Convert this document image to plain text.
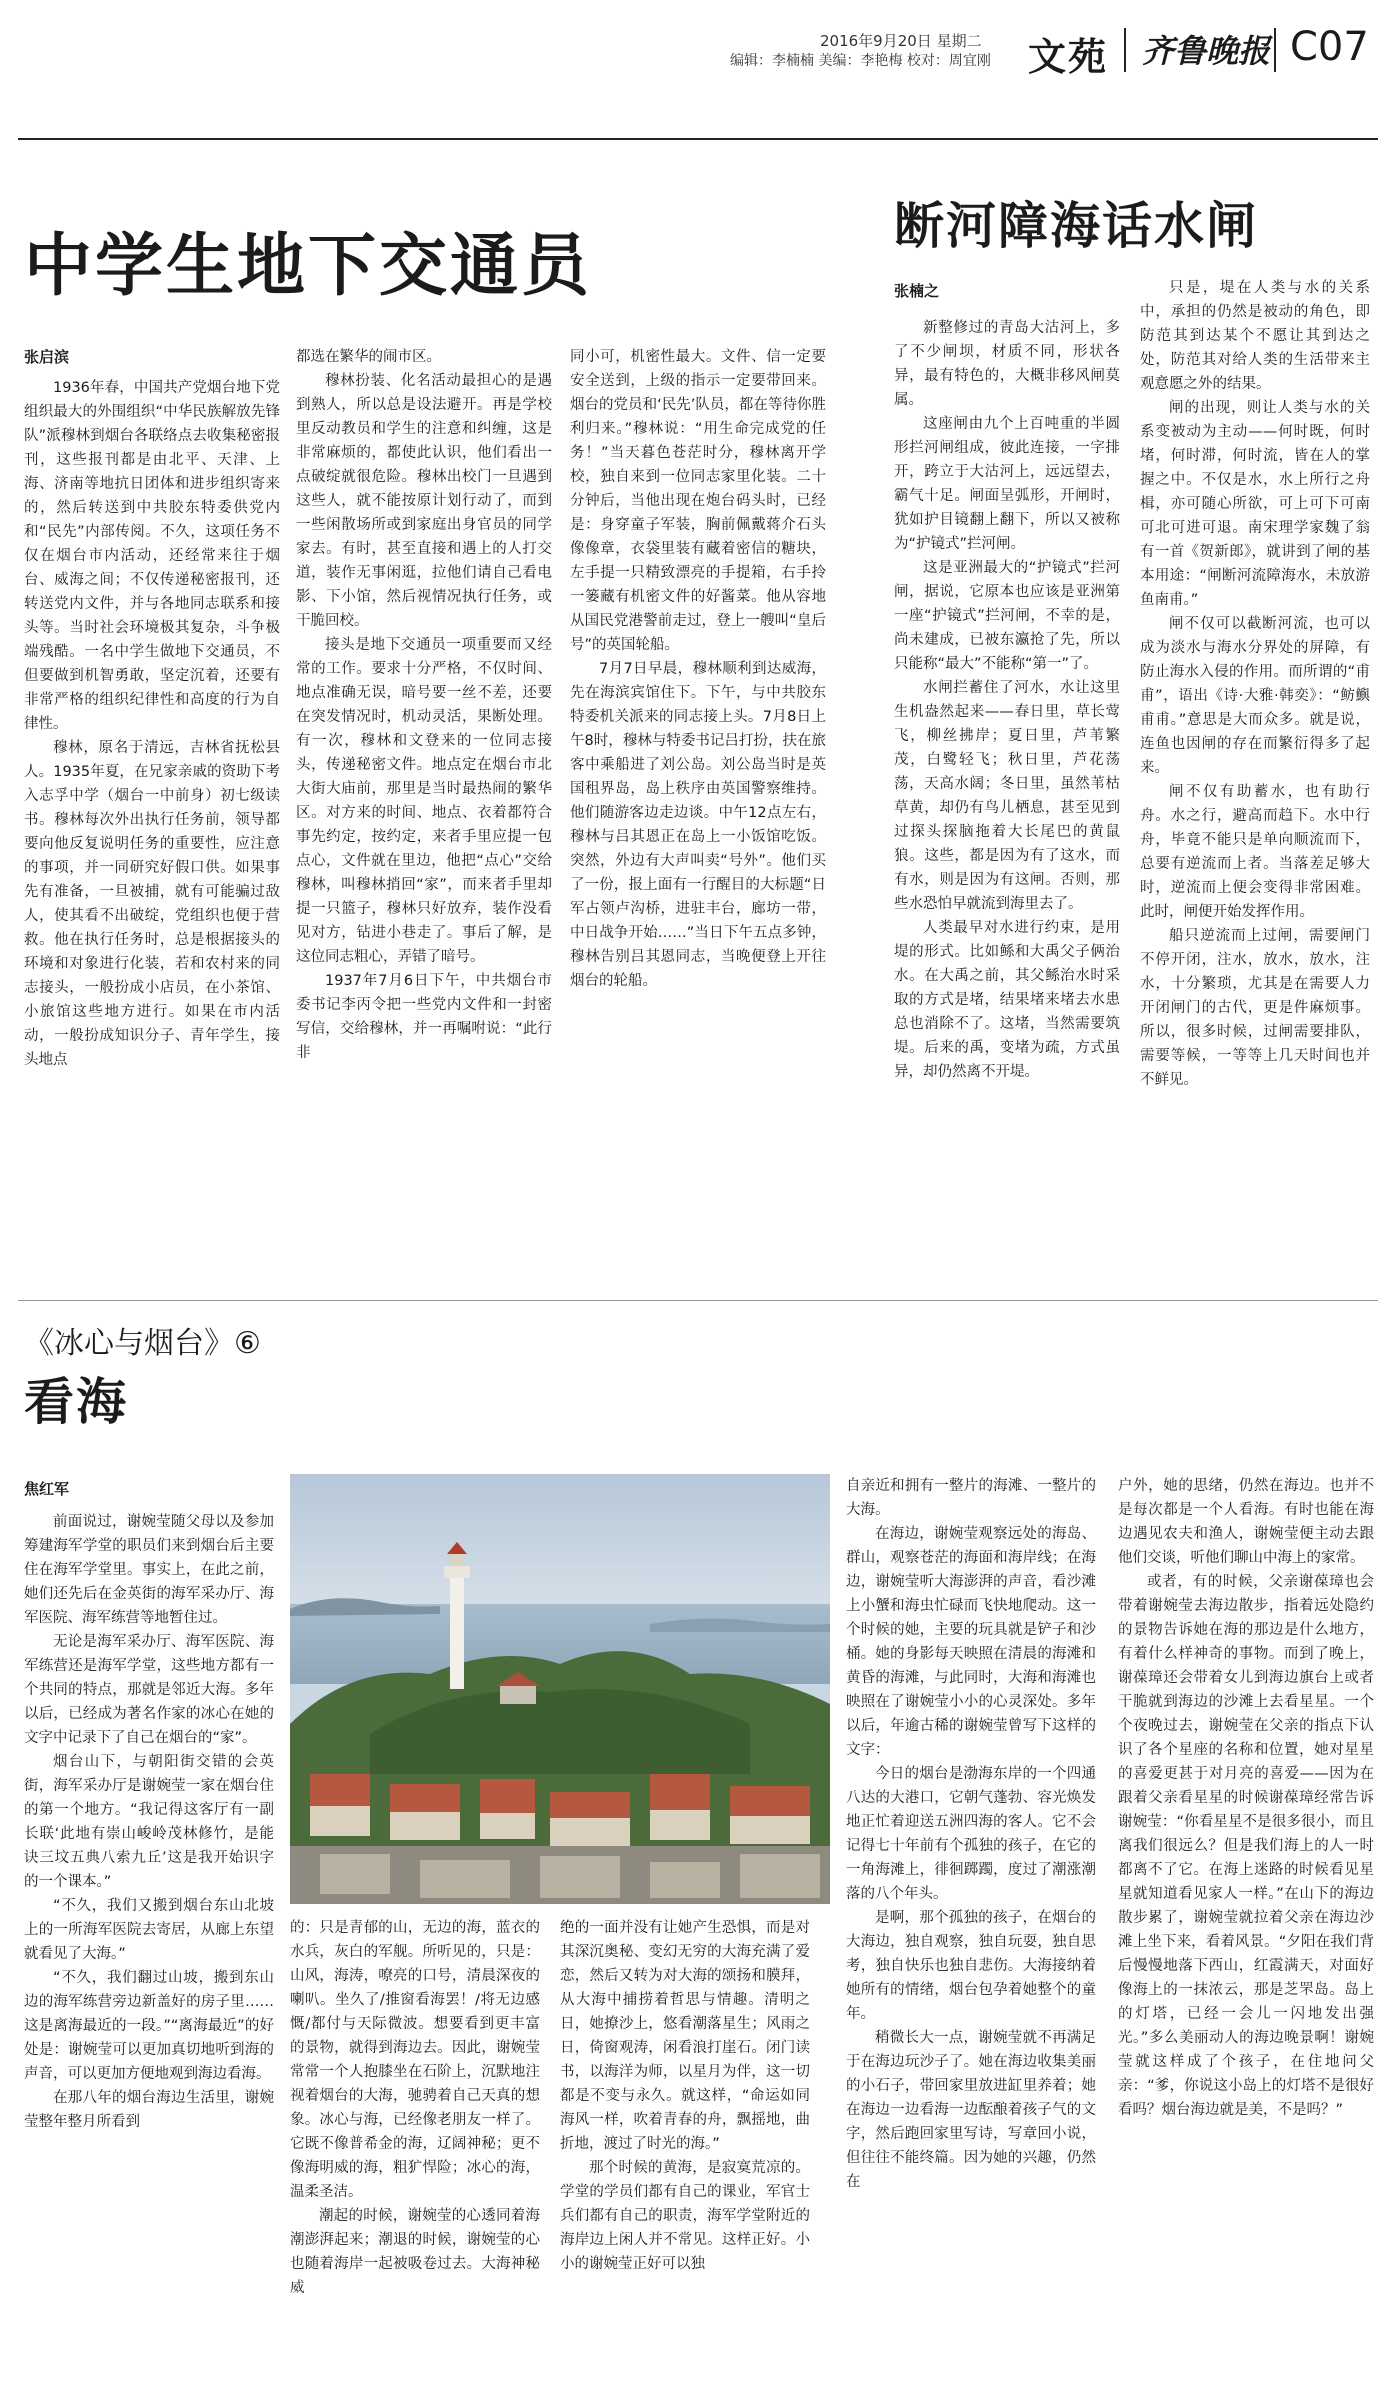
2016年9月20日 星期二
编辑：李楠楠 美编：李艳梅 校对：周宜刚 文苑 齐鲁晚报 C07
中学生地下交通员
张启滨

1936年春，中国共产党烟台地下党组织最大的外围组织“中华民族解放先锋队”派穆林到烟台各联络点去收集秘密报刊，这些报刊都是由北平、天津、上海、济南等地抗日团体和进步组织寄来的，然后转送到中共胶东特委供党内和“民先”内部传阅。不久，这项任务不仅在烟台市内活动，还经常来往于烟台、威海之间；不仅传递秘密报刊，还转送党内文件，并与各地同志联系和接头等。当时社会环境极其复杂，斗争极端残酷。一名中学生做地下交通员，不但要做到机智勇敢，坚定沉着，还要有非常严格的组织纪律性和高度的行为自律性。

穆林，原名于清远，吉林省抚松县人。1935年夏，在兄家亲戚的资助下考入志孚中学（烟台一中前身）初七级读书。穆林每次外出执行任务前，领导都要向他反复说明任务的重要性，应注意的事项，并一同研究好假口供。如果事先有准备，一旦被捕，就有可能骗过敌人，使其看不出破绽，党组织也便于营救。他在执行任务时，总是根据接头的环境和对象进行化装，若和农村来的同志接头，一般扮成小店员，在小茶馆、小旅馆这些地方进行。如果在市内活动，一般扮成知识分子、青年学生，接头地点

都选在繁华的闹市区。

穆林扮装、化名活动最担心的是遇到熟人，所以总是设法避开。再是学校里反动教员和学生的注意和纠缠，这是非常麻烦的，都使此认识，他们看出一点破绽就很危险。穆林出校门一旦遇到这些人，就不能按原计划行动了，而到一些闲散场所或到家庭出身官员的同学家去。有时，甚至直接和遇上的人打交道，装作无事闲逛，拉他们请自己看电影、下小馆，然后视情况执行任务，或干脆回校。

接头是地下交通员一项重要而又经常的工作。要求十分严格，不仅时间、地点准确无误，暗号要一丝不差，还要在突发情况时，机动灵活，果断处理。有一次，穆林和文登来的一位同志接头，传递秘密文件。地点定在烟台市北大街大庙前，那里是当时最热闹的繁华区。对方来的时间、地点、衣着都符合事先约定，按约定，来者手里应提一包点心，文件就在里边，他把“点心”交给穆林，叫穆林捎回“家”，而来者手里却提一只篮子，穆林只好放弃，装作没看见对方，钻进小巷走了。事后了解，是这位同志粗心，弄错了暗号。

1937年7月6日下午，中共烟台市委书记李丙令把一些党内文件和一封密写信，交给穆林，并一再嘱咐说：“此行非

同小可，机密性最大。文件、信一定要安全送到，上级的指示一定要带回来。烟台的党员和‘民先’队员，都在等待你胜利归来。”穆林说：“用生命完成党的任务！”当天暮色苍茫时分，穆林离开学校，独自来到一位同志家里化装。二十分钟后，当他出现在炮台码头时，已经是：身穿童子军装，胸前佩戴蒋介石头像像章，衣袋里装有藏着密信的糖块，左手提一只精致漂亮的手提箱，右手拎一篓藏有机密文件的好酱菜。他从容地从国民党港警前走过，登上一艘叫“皇后号”的英国轮船。

7月7日早晨，穆林顺利到达威海，先在海滨宾馆住下。下午，与中共胶东特委机关派来的同志接上头。7月8日上午8时，穆林与特委书记吕打扮，扶在旅客中乘船进了刘公岛。刘公岛当时是英国租界岛，岛上秩序由英国警察维持。他们随游客边走边谈。中午12点左右，穆林与吕其恩正在岛上一小饭馆吃饭。突然，外边有大声叫卖“号外”。他们买了一份，报上面有一行醒目的大标题“日军占领卢沟桥，进驻丰台，廊坊一带，中日战争开始……”当日下午五点多钟，穆林告别吕其恩同志，当晚便登上开往烟台的轮船。

断河障海话水闸
张楠之

新整修过的青岛大沽河上，多了不少闸坝，材质不同，形状各异，最有特色的，大概非移风闸莫属。

这座闸由九个上百吨重的半圆形拦河闸组成，彼此连接，一字排开，跨立于大沽河上，远远望去，霸气十足。闸面呈弧形，开闸时，犹如护目镜翻上翻下，所以又被称为“护镜式”拦河闸。

这是亚洲最大的“护镜式”拦河闸，据说，它原本也应该是亚洲第一座“护镜式”拦河闸，不幸的是，尚未建成，已被东瀛抢了先，所以只能称“最大”不能称“第一”了。

水闸拦蓄住了河水，水让这里生机盎然起来——春日里，草长莺飞，柳丝拂岸；夏日里，芦苇繁茂，白鹭轻飞；秋日里，芦花荡荡，天高水阔；冬日里，虽然苇枯草黄，却仍有鸟儿栖息，甚至见到过探头探脑拖着大长尾巴的黄鼠狼。这些，都是因为有了这水，而有水，则是因为有这闸。否则，那些水恐怕早就流到海里去了。

人类最早对水进行约束，是用堤的形式。比如鲧和大禹父子俩治水。在大禹之前，其父鲧治水时采取的方式是堵，结果堵来堵去水患总也消除不了。这堵，当然需要筑堤。后来的禹，变堵为疏，方式虽异，却仍然离不开堤。

只是，堤在人类与水的关系中，承担的仍然是被动的角色，即防范其到达某个不愿让其到达之处，防范其对给人类的生活带来主观意愿之外的结果。

闸的出现，则让人类与水的关系变被动为主动——何时既，何时堵，何时滞，何时流，皆在人的掌握之中。不仅是水，水上所行之舟楫，亦可随心所欲，可上可下可南可北可进可退。南宋理学家魏了翁有一首《贺新郎》，就讲到了闸的基本用途：“闸断河流障海水，未放游鱼南甫。”

闸不仅可以截断河流，也可以成为淡水与海水分界处的屏障，有防止海水入侵的作用。而所谓的“甫甫”，语出《诗·大雅·韩奕》：“鲂鱮甫甫。”意思是大而众多。就是说，连鱼也因闸的存在而繁衍得多了起来。

闸不仅有助蓄水，也有助行舟。水之行，避高而趋下。水中行舟，毕竟不能只是单向顺流而下，总要有逆流而上者。当落差足够大时，逆流而上便会变得非常困难。此时，闸便开始发挥作用。

船只逆流而上过闸，需要闸门不停开闭，注水，放水，放水，注水，十分繁琐，尤其是在需要人力开闭闸门的古代，更是件麻烦事。所以，很多时候，过闸需要排队，需要等候，一等等上几天时间也并不鲜见。

《冰心与烟台》⑥
看海
焦红军

前面说过，谢婉莹随父母以及参加筹建海军学堂的职员们来到烟台后主要住在海军学堂里。事实上，在此之前，她们还先后在金英街的海军采办厅、海军医院、海军练营等地暂住过。

无论是海军采办厅、海军医院、海军练营还是海军学堂，这些地方都有一个共同的特点，那就是邻近大海。多年以后，已经成为著名作家的冰心在她的文字中记录下了自己在烟台的“家”。

烟台山下，与朝阳街交错的会英街，海军采办厅是谢婉莹一家在烟台住的第一个地方。“我记得这客厅有一副长联‘此地有崇山峻岭茂林修竹，是能诀三坟五典八索九丘’这是我开始识字的一个课本。”

“不久，我们又搬到烟台东山北坡上的一所海军医院去寄居，从廊上东望就看见了大海。”

“不久，我们翻过山坡，搬到东山边的海军练营旁边新盖好的房子里……这是离海最近的一段。”“离海最近”的好处是：谢婉莹可以更加真切地听到海的声音，可以更加方便地观到海边看海。

在那八年的烟台海边生活里，谢婉莹整年整月所看到

的：只是青郁的山，无边的海，蓝衣的水兵，灰白的军舰。所听见的，只是：山风，海涛，嘹亮的口号，清晨深夜的喇叭。坐久了/推窗看海罢！/将无边感慨/都付与天际微波。想要看到更丰富的景物，就得到海边去。因此，谢婉莹常常一个人抱膝坐在石阶上，沉默地注视着烟台的大海，驰骋着自己天真的想象。冰心与海，已经像老朋友一样了。它既不像普希金的海，辽阔神秘；更不像海明威的海，粗犷悍险；冰心的海，温柔圣洁。

潮起的时候，谢婉莹的心透同着海潮澎湃起来；潮退的时候，谢婉莹的心也随着海岸一起被吸卷过去。大海神秘威

绝的一面并没有让她产生恐惧，而是对其深沉奥秘、变幻无穷的大海充满了爱恋，然后又转为对大海的颂扬和膜拜，从大海中捕捞着哲思与情趣。清明之日，她撩沙上，悠看潮落星生；风雨之日，倚窗观涛，闲看浪打崖石。闭门读书，以海洋为师，以星月为伴，这一切都是不变与永久。就这样，“命运如同海风一样，吹着青春的舟，飘摇地，曲折地，渡过了时光的海。”

那个时候的黄海，是寂寞荒凉的。学堂的学员们都有自己的课业，军官士兵们都有自己的职责，海军学堂附近的海岸边上闲人并不常见。这样正好。小小的谢婉莹正好可以独

自亲近和拥有一整片的海滩、一整片的大海。

在海边，谢婉莹观察远处的海岛、群山，观察苍茫的海面和海岸线；在海边，谢婉莹听大海澎湃的声音，看沙滩上小蟹和海虫忙碌而飞快地爬动。这一个时候的她，主要的玩具就是铲子和沙桶。她的身影每天映照在清晨的海滩和黄昏的海滩，与此同时，大海和海滩也映照在了谢婉莹小小的心灵深处。多年以后，年逾古稀的谢婉莹曾写下这样的文字：

今日的烟台是渤海东岸的一个四通八达的大港口，它朝气蓬勃、容光焕发地正忙着迎送五洲四海的客人。它不会记得七十年前有个孤独的孩子，在它的一角海滩上，徘徊踯躅，度过了潮涨潮落的八个年头。

是啊，那个孤独的孩子，在烟台的大海边，独自观察，独自玩耍，独自思考，独自快乐也独自悲伤。大海接纳着她所有的情绪，烟台包孕着她整个的童年。

稍微长大一点，谢婉莹就不再满足于在海边玩沙子了。她在海边收集美丽的小石子，带回家里放进缸里养着；她在海边一边看海一边酝酿着孩子气的文字，然后跑回家里写诗，写章回小说，但往往不能终篇。因为她的兴趣，仍然在

户外，她的思绪，仍然在海边。也并不是每次都是一个人看海。有时也能在海边遇见农夫和渔人，谢婉莹便主动去跟他们交谈，听他们聊山中海上的家常。

或者，有的时候，父亲谢葆璋也会带着谢婉莹去海边散步，指着远处隐约的景物告诉她在海的那边是什么地方，有着什么样神奇的事物。而到了晚上，谢葆璋还会带着女儿到海边旗台上或者干脆就到海边的沙滩上去看星星。一个个夜晚过去，谢婉莹在父亲的指点下认识了各个星座的名称和位置，她对星星的喜爱更甚于对月亮的喜爱——因为在跟着父亲看星星的时候谢葆璋经常告诉谢婉莹：“你看星星不是很多很小，而且离我们很远么？但是我们海上的人一时都离不了它。在海上迷路的时候看见星星就知道看见家人一样。”在山下的海边散步累了，谢婉莹就拉着父亲在海边沙滩上坐下来，看着风景。“夕阳在我们背后慢慢地落下西山，红霞满天，对面好像海上的一抹浓云，那是芝罘岛。岛上的灯塔，已经一会儿一闪地发出强光。”多么美丽动人的海边晚景啊！谢婉莹就这样成了个孩子，在住地问父亲：“爹，你说这小岛上的灯塔不是很好看吗？烟台海边就是美，不是吗？”
